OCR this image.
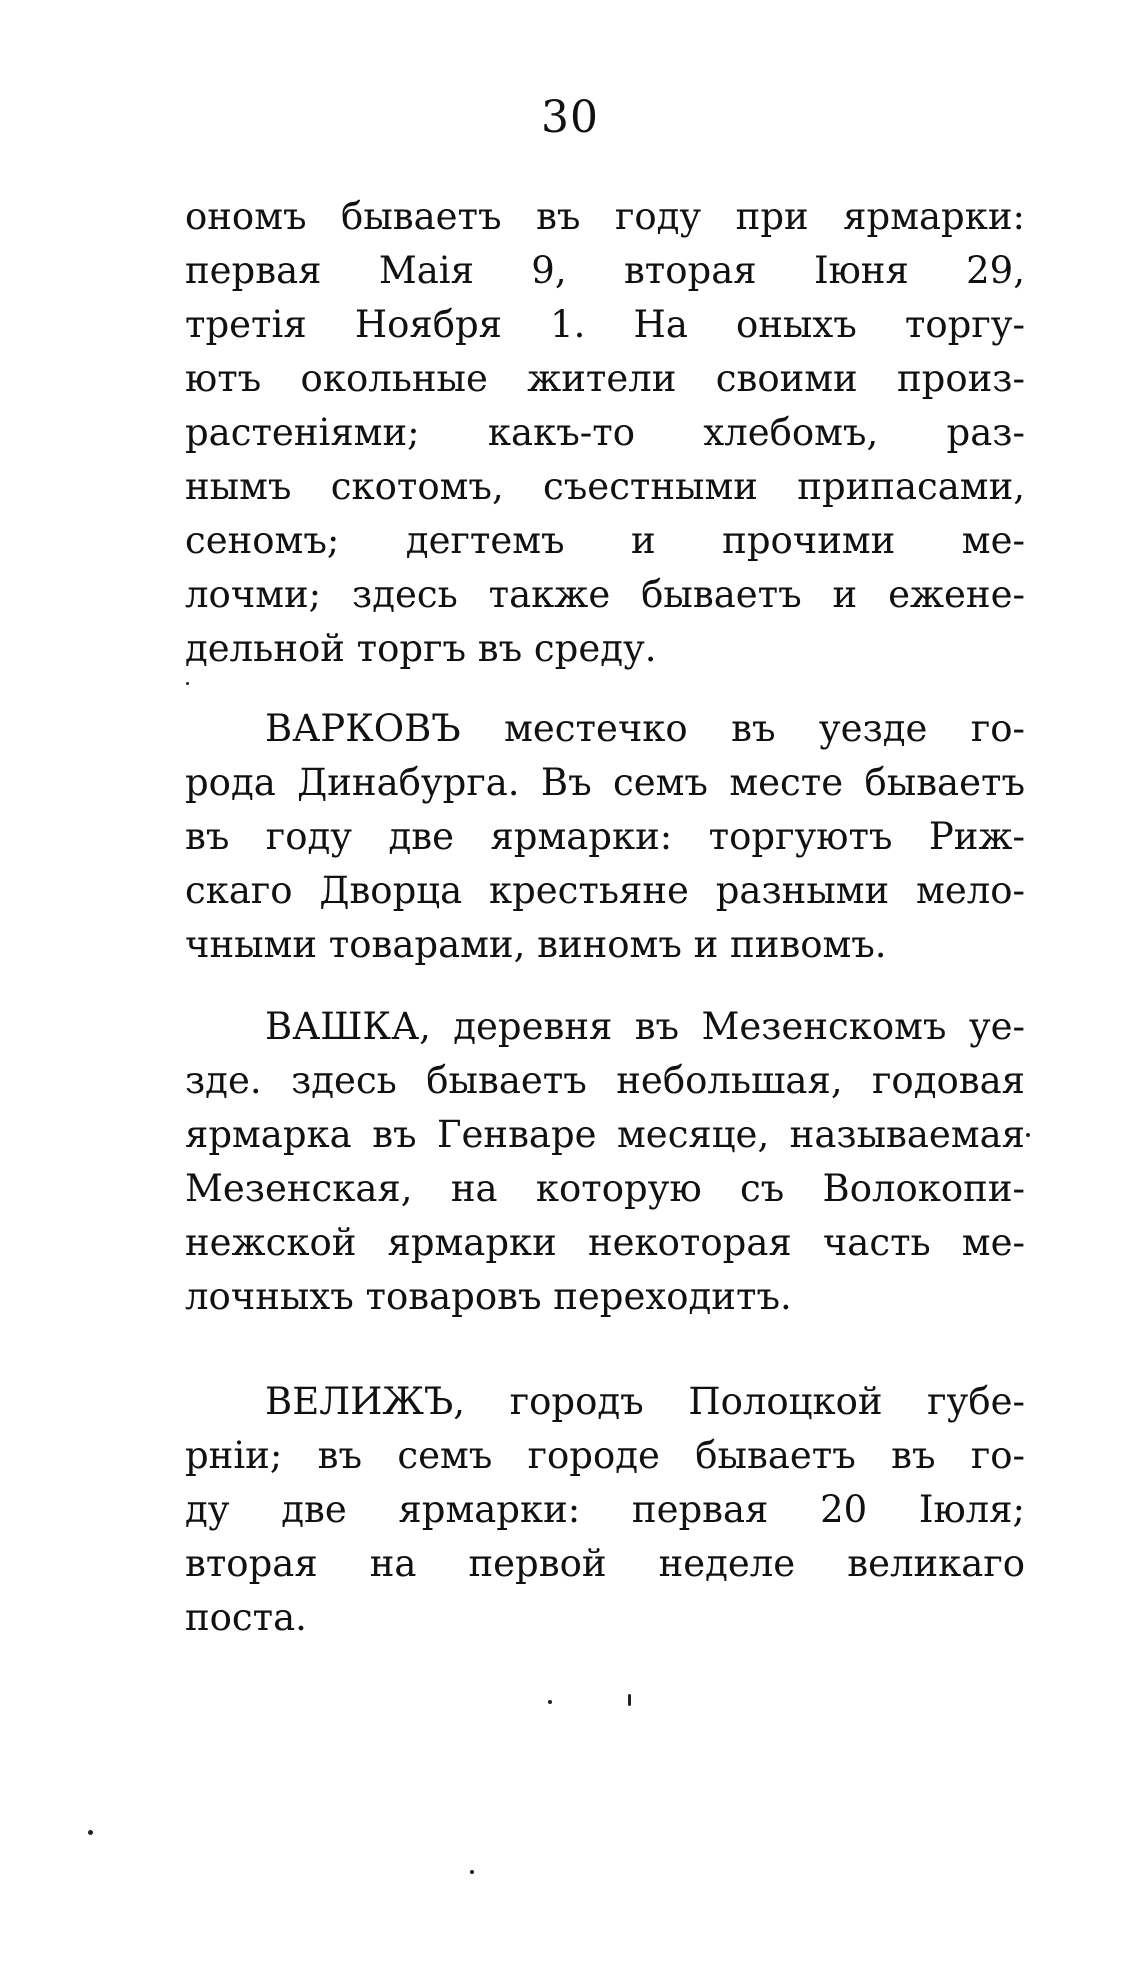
30
ономъ бываетъ въ году при ярмарки:
первая Маія 9, вторая Іюня 29,
третія Ноября 1. На оныхъ торгу-
ютъ окольные жители своими произ-
растеніями; какъ-то хлебомъ, раз-
нымъ скотомъ, съестными припасами,
сеномъ; дегтемъ и прочими ме-
лочми; здесь также бываетъ и ежене-
дельной торгъ въ среду.
ВАРКОВЪ местечко въ уезде го-
рода Динабурга. Въ семъ месте бываетъ
въ году две ярмарки: торгуютъ Риж-
скаго Дворца крестьяне разными мело-
чными товарами, виномъ и пивомъ.
ВАШКА, деревня въ Мезенскомъ уе-
зде. здесь бываетъ небольшая, годовая
ярмарка въ Генваре месяце, называемая
Мезенская, на которую съ Волокопи-
нежской ярмарки некоторая часть ме-
лочныхъ товаровъ переходитъ.
ВЕЛИЖЪ, городъ Полоцкой губе-
рніи; въ семъ городе бываетъ въ го-
ду две ярмарки: первая 20 Іюля;
вторая на первой неделе великаго
поста.
